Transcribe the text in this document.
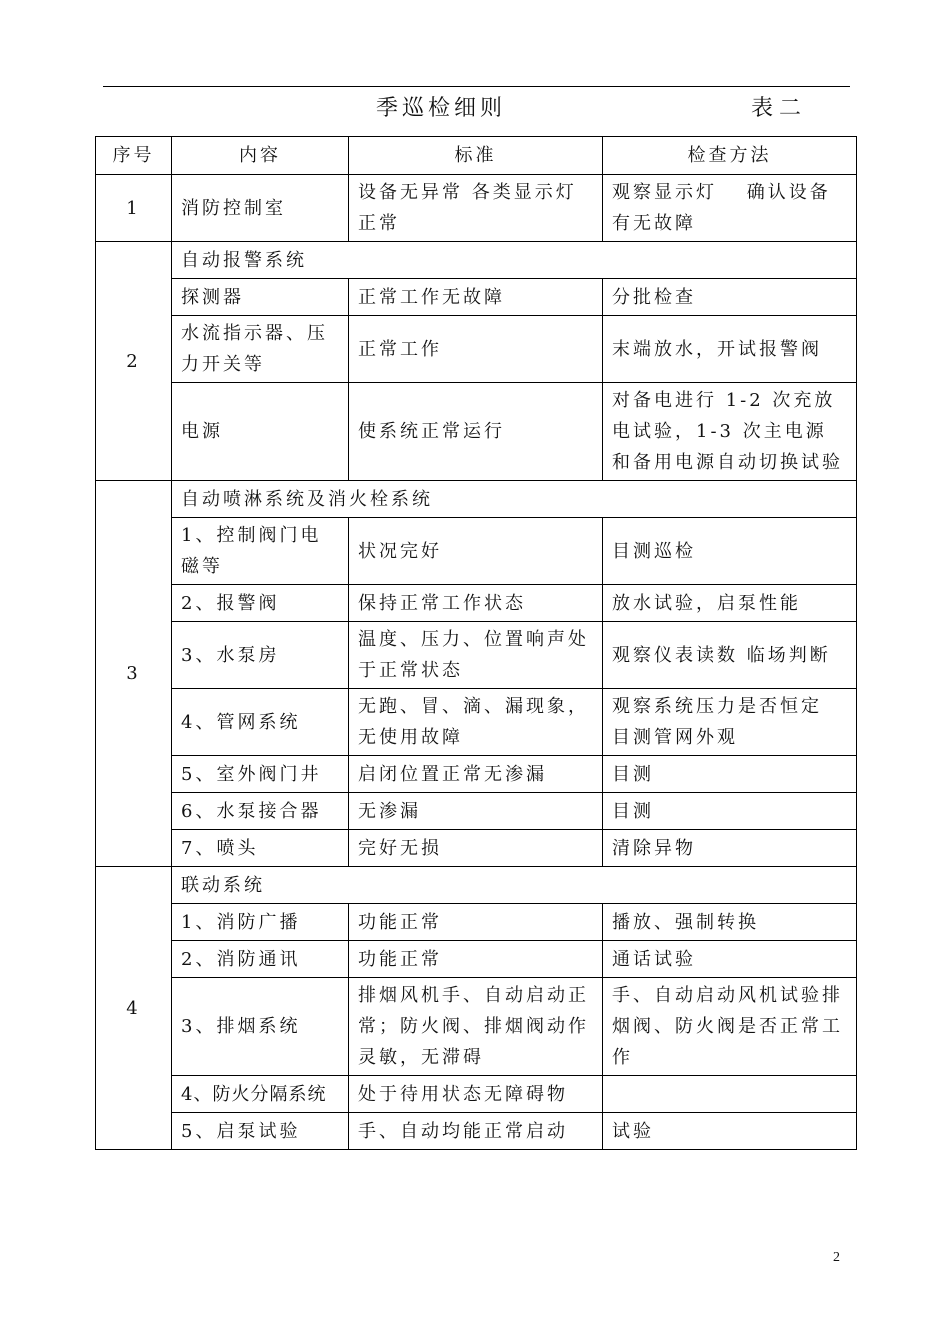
季巡检细则	表二
序号	内容	标准	检查方法
1	消防控制室	设备无异常 各类显示灯正常	观察显示灯　 确认设备有无故障
2	自动报警系统		
	探测器	正常工作无故障	分批检查
	水流指示器、压力开关等	正常工作	末端放水，开试报警阀
	电源	使系统正常运行	对备电进行 1-2 次充放电试验，1-3 次主电源和备用电源自动切换试验
3	自动喷淋系统及消火栓系统		
	1、控制阀门电磁等	状况完好	目测巡检
	2、报警阀	保持正常工作状态	放水试验，启泵性能
	3、水泵房	温度、压力、位置响声处于正常状态	观察仪表读数 临场判断
	4、管网系统	无跑、冒、滴、漏现象，无使用故障	观察系统压力是否恒定 目测管网外观
	5、室外阀门井	启闭位置正常无渗漏	目测
	6、水泵接合器	无渗漏	目测
	7、喷头	完好无损	清除异物
4	联动系统		
	1、消防广播	功能正常	播放、强制转换
	2、消防通讯	功能正常	通话试验
	3、排烟系统	排烟风机手、自动启动正常；防火阀、排烟阀动作灵敏，无滞碍	手、自动启动风机试验排烟阀、防火阀是否正常工作
	4、防火分隔系统	处于待用状态无障碍物	
	5、启泵试验	手、自动均能正常启动	试验
2
